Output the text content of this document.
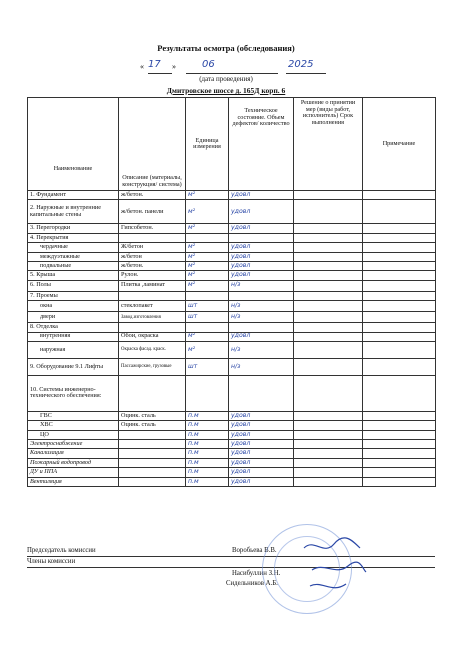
Результаты осмотра (обследования)
« 17 »	06	2025
(дата проведения)
Дмитровское шоссе д. 165Д корп. 6
Наименование	Описание (материалы, конструкция/ система)	Единица измерения	Техническое состояние. Объем дефектов/ количество	Решение о принятии мер (виды работ, исполнитель) Срок выполнения	Примечание
1. Фундамент	ж/бетон.	м²	удовл		
2. Наружные и внутренние капитальные стены	ж/бетон. панели	м²	удовл		
3. Перегородки	Гипсобетон.	м²	удовл		
4. Перекрытия					
чердачные	Ж/бетон	м²	удовл		
междуэтажные	ж/бетон	м²	удовл		
подвальные	ж/бетон.	м²	удовл		
5. Крыша	Рулон.	м²	удовл		
6. Полы	Плитка ,ламинат	м²	н/з		
7. Проемы					
окна	стеклопакет	шт	н/з		
двери	Завод.изготовления	шт	н/з		
8. Отделка					
внутренняя	Обои, окраска	м²	удовл		
наружная	Окраска фасад. краск.	м²	н/з		
9. Оборудование 9.1 Лифты	Пассажирские, грузовые	шт	н/з		
10. Системы инженерно-технического обеспечения:					
ГВС	Оцинк. сталь	п.м	удовл		
ХВС	Оцинк. сталь	п.м	удовл		
ЦО		п.м	удовл		
Электроснабжение		п.м	удовл		
Канализация		п.м	удовл		
Пожарный водопровод		п.м	удовл		
ДУ и ППА		п.м	удовл		
Вентиляция		п.м	удовл		
Председатель комиссии	Воробьева В.В.
Члены комиссии
Насибуллин З.Н.
Сидельников А.Б.
